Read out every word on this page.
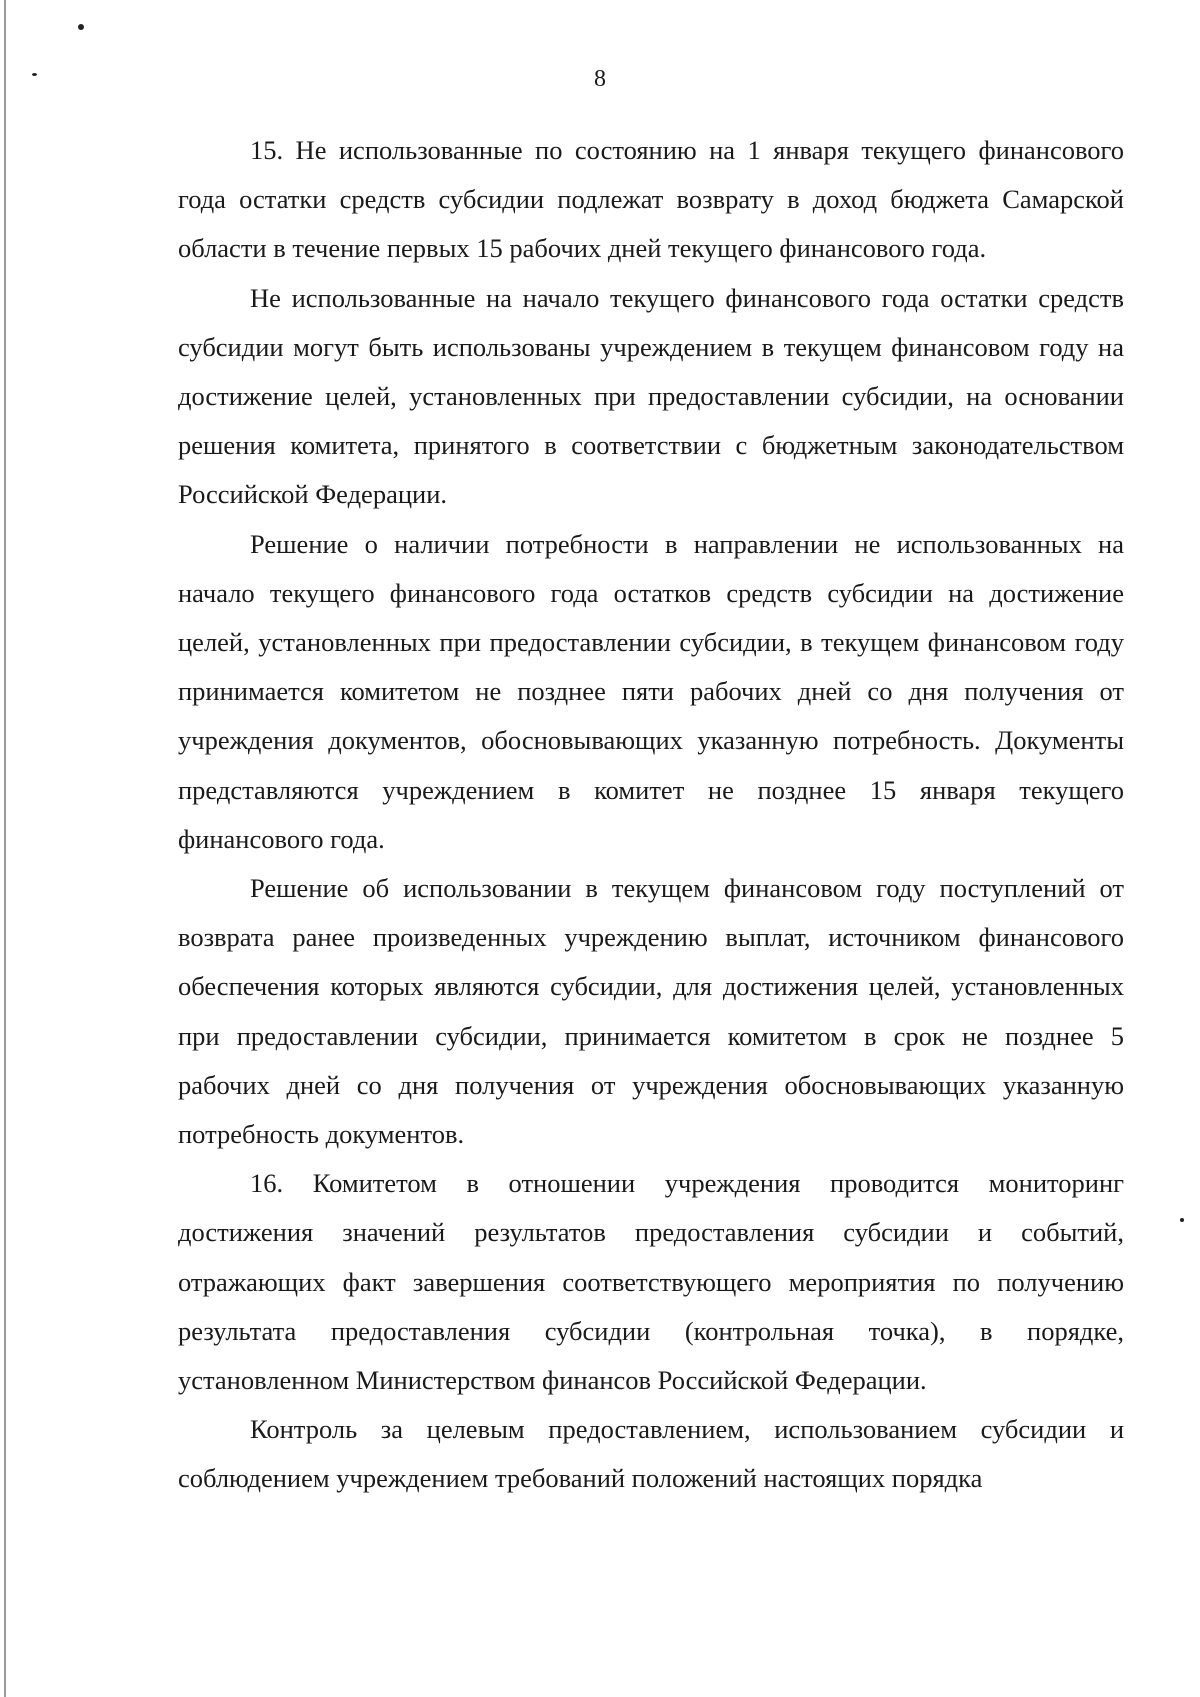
8

15. Не использованные по состоянию на 1 января текущего финансового года остатки средств субсидии подлежат возврату в доход бюджета Самарской области в течение первых 15 рабочих дней текущего финансового года.

Не использованные на начало текущего финансового года остатки средств субсидии могут быть использованы учреждением в текущем финансовом году на достижение целей, установленных при предоставлении субсидии, на основании решения комитета, принятого в соответствии с бюджетным законодательством Российской Федерации.

Решение о наличии потребности в направлении не использованных на начало текущего финансового года остатков средств субсидии на достижение целей, установленных при предоставлении субсидии, в текущем финансовом году принимается комитетом не позднее пяти рабочих дней со дня получения от учреждения документов, обосновывающих указанную потребность. Документы представляются учреждением в комитет не позднее 15 января текущего финансового года.

Решение об использовании в текущем финансовом году поступлений от возврата ранее произведенных учреждению выплат, источником финансового обеспечения которых являются субсидии, для достижения целей, установленных при предоставлении субсидии, принимается комитетом в срок не позднее 5 рабочих дней со дня получения от учреждения обосновывающих указанную потребность документов.

16. Комитетом в отношении учреждения проводится мониторинг достижения значений результатов предоставления субсидии и событий, отражающих факт завершения соответствующего мероприятия по получению результата предоставления субсидии (контрольная точка), в порядке, установленном Министерством финансов Российской Федерации.

Контроль за целевым предоставлением, использованием субсидии и соблюдением учреждением требований положений настоящих порядка
